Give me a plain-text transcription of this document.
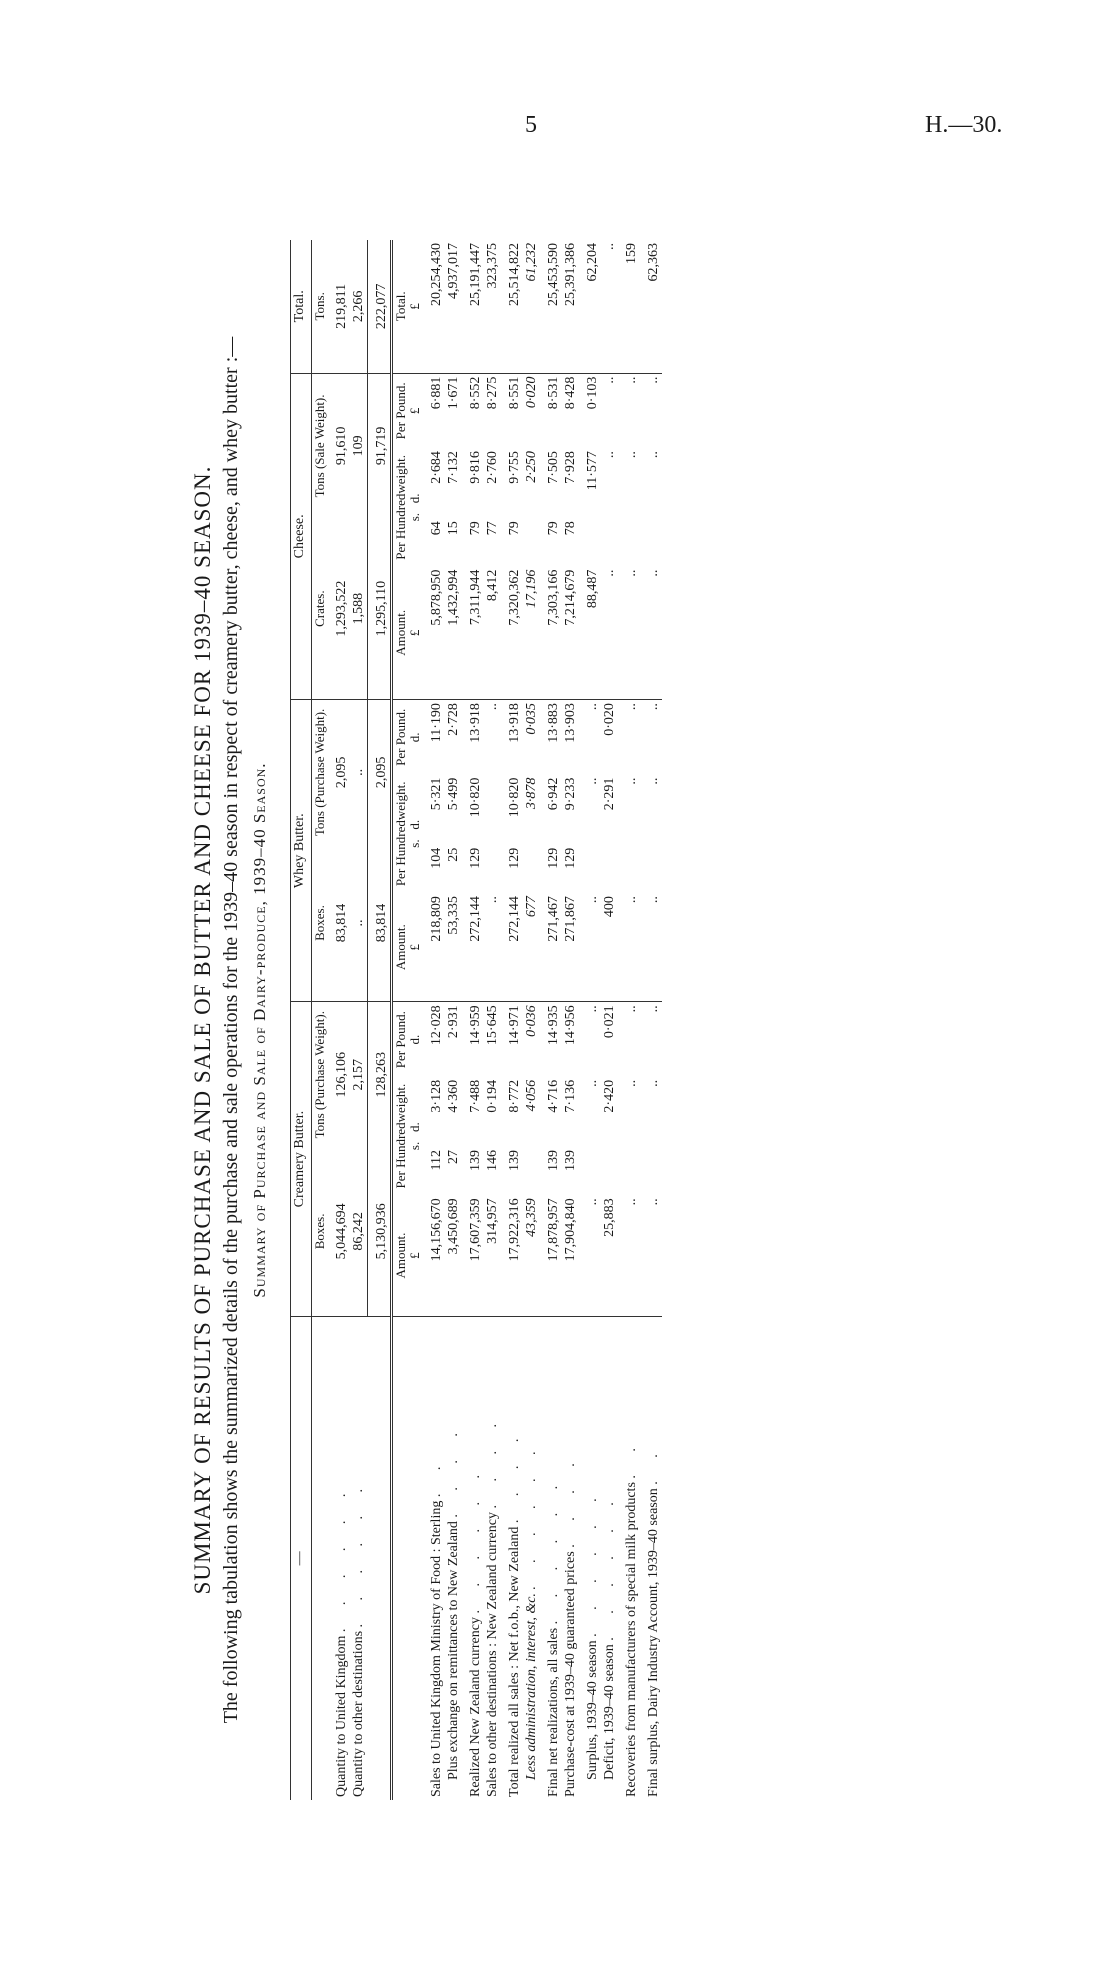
5	H.—30.
SUMMARY OF RESULTS OF PURCHASE AND SALE OF BUTTER AND CHEESE FOR 1939–40 SEASON. The following tabulation shows the summarized details of the purchase and sale operations for the 1939–40 season in respect of creamery butter, cheese, and whey butter :— Summary of Purchase and Sale of Dairy-produce, 1939–40 Season.
—	Creamery Butter.				Whey Butter.				Cheese.				Total.
	Boxes.		Tons (Purchase Weight).		Boxes.		Tons (Purchase Weight).		Crates.		Tons (Sale Weight).		Tons.
Quantity to United Kingdom . . . . . .	5,044,694		126,106		83,814		2,095		1,293,522		91,610		219,811
Quantity to other destinations . . . . . .	86,242		2,157		..		..		1,588		109		2,266
	5,130,936		128,263		83,814		2,095		1,295,110		91,719		222,077

	Amount. £	Per Hundredweight. s.   d.		Per Pound. d.	Amount. £	Per Hundredweight. s.   d.		Per Pound. d.	Amount. £	Per Hundredweight. s.   d.		Per Pound. £	Total. £

Sales to United Kingdom Ministry of Food : Sterling . .	14,156,670	112	3·128	12·028	218,809	104	5·321	11·190	5,878,950	64	2·684	6·881	20,254,430
Plus exchange on remittances to New Zealand . . . .	3,450,689	27	4·360	2·931	53,335	25	5·499	2·728	1,432,994	15	7·132	1·671	4,937,017
Realized New Zealand currency . . . . . .	17,607,359	139	7·488	14·959	272,144	129	10·820	13·918	7,311,944	79	9·816	8·552	25,191,447
Sales to other destinations : New Zealand currency . . . .	314,957	146	0·194	15·645	..			..	8,412	77	2·760	8·275	323,375
Total realized all sales : Net f.o.b., New Zealand . . . .	17,922,316	139	8·772	14·971	272,144	129	10·820	13·918	7,320,362	79	9·755	8·551	25,514,822
Less administration, interest, &c. . . . . . .	43,359		4·056	0·036	677		3·878	0·035	17,196		2·250	0·020	61,232
Final net realizations, all sales . . . . . .	17,878,957	139	4·716	14·935	271,467	129	6·942	13·883	7,303,166	79	7·505	8·531	25,453,590
Purchase-cost at 1939–40 guaranteed prices . . . .	17,904,840	139	7·136	14·956	271,867	129	9·233	13·903	7,214,679	78	7·928	8·428	25,391,386
Surplus, 1939–40 season . . . . . .	..		..	..	..		..	..	88,487		11·577	0·103	62,204
Deficit, 1939–40 season . . . . . .	25,883		2·420	0·021	400		2·291	0·020	..		..	..	..
Recoveries from manufacturers of special milk products . .	..		..	..	..		..	..	..		..	..	159
Final surplus, Dairy Industry Account, 1939–40 season . .	..		..	..	..		..	..	..		..	..	62,363
